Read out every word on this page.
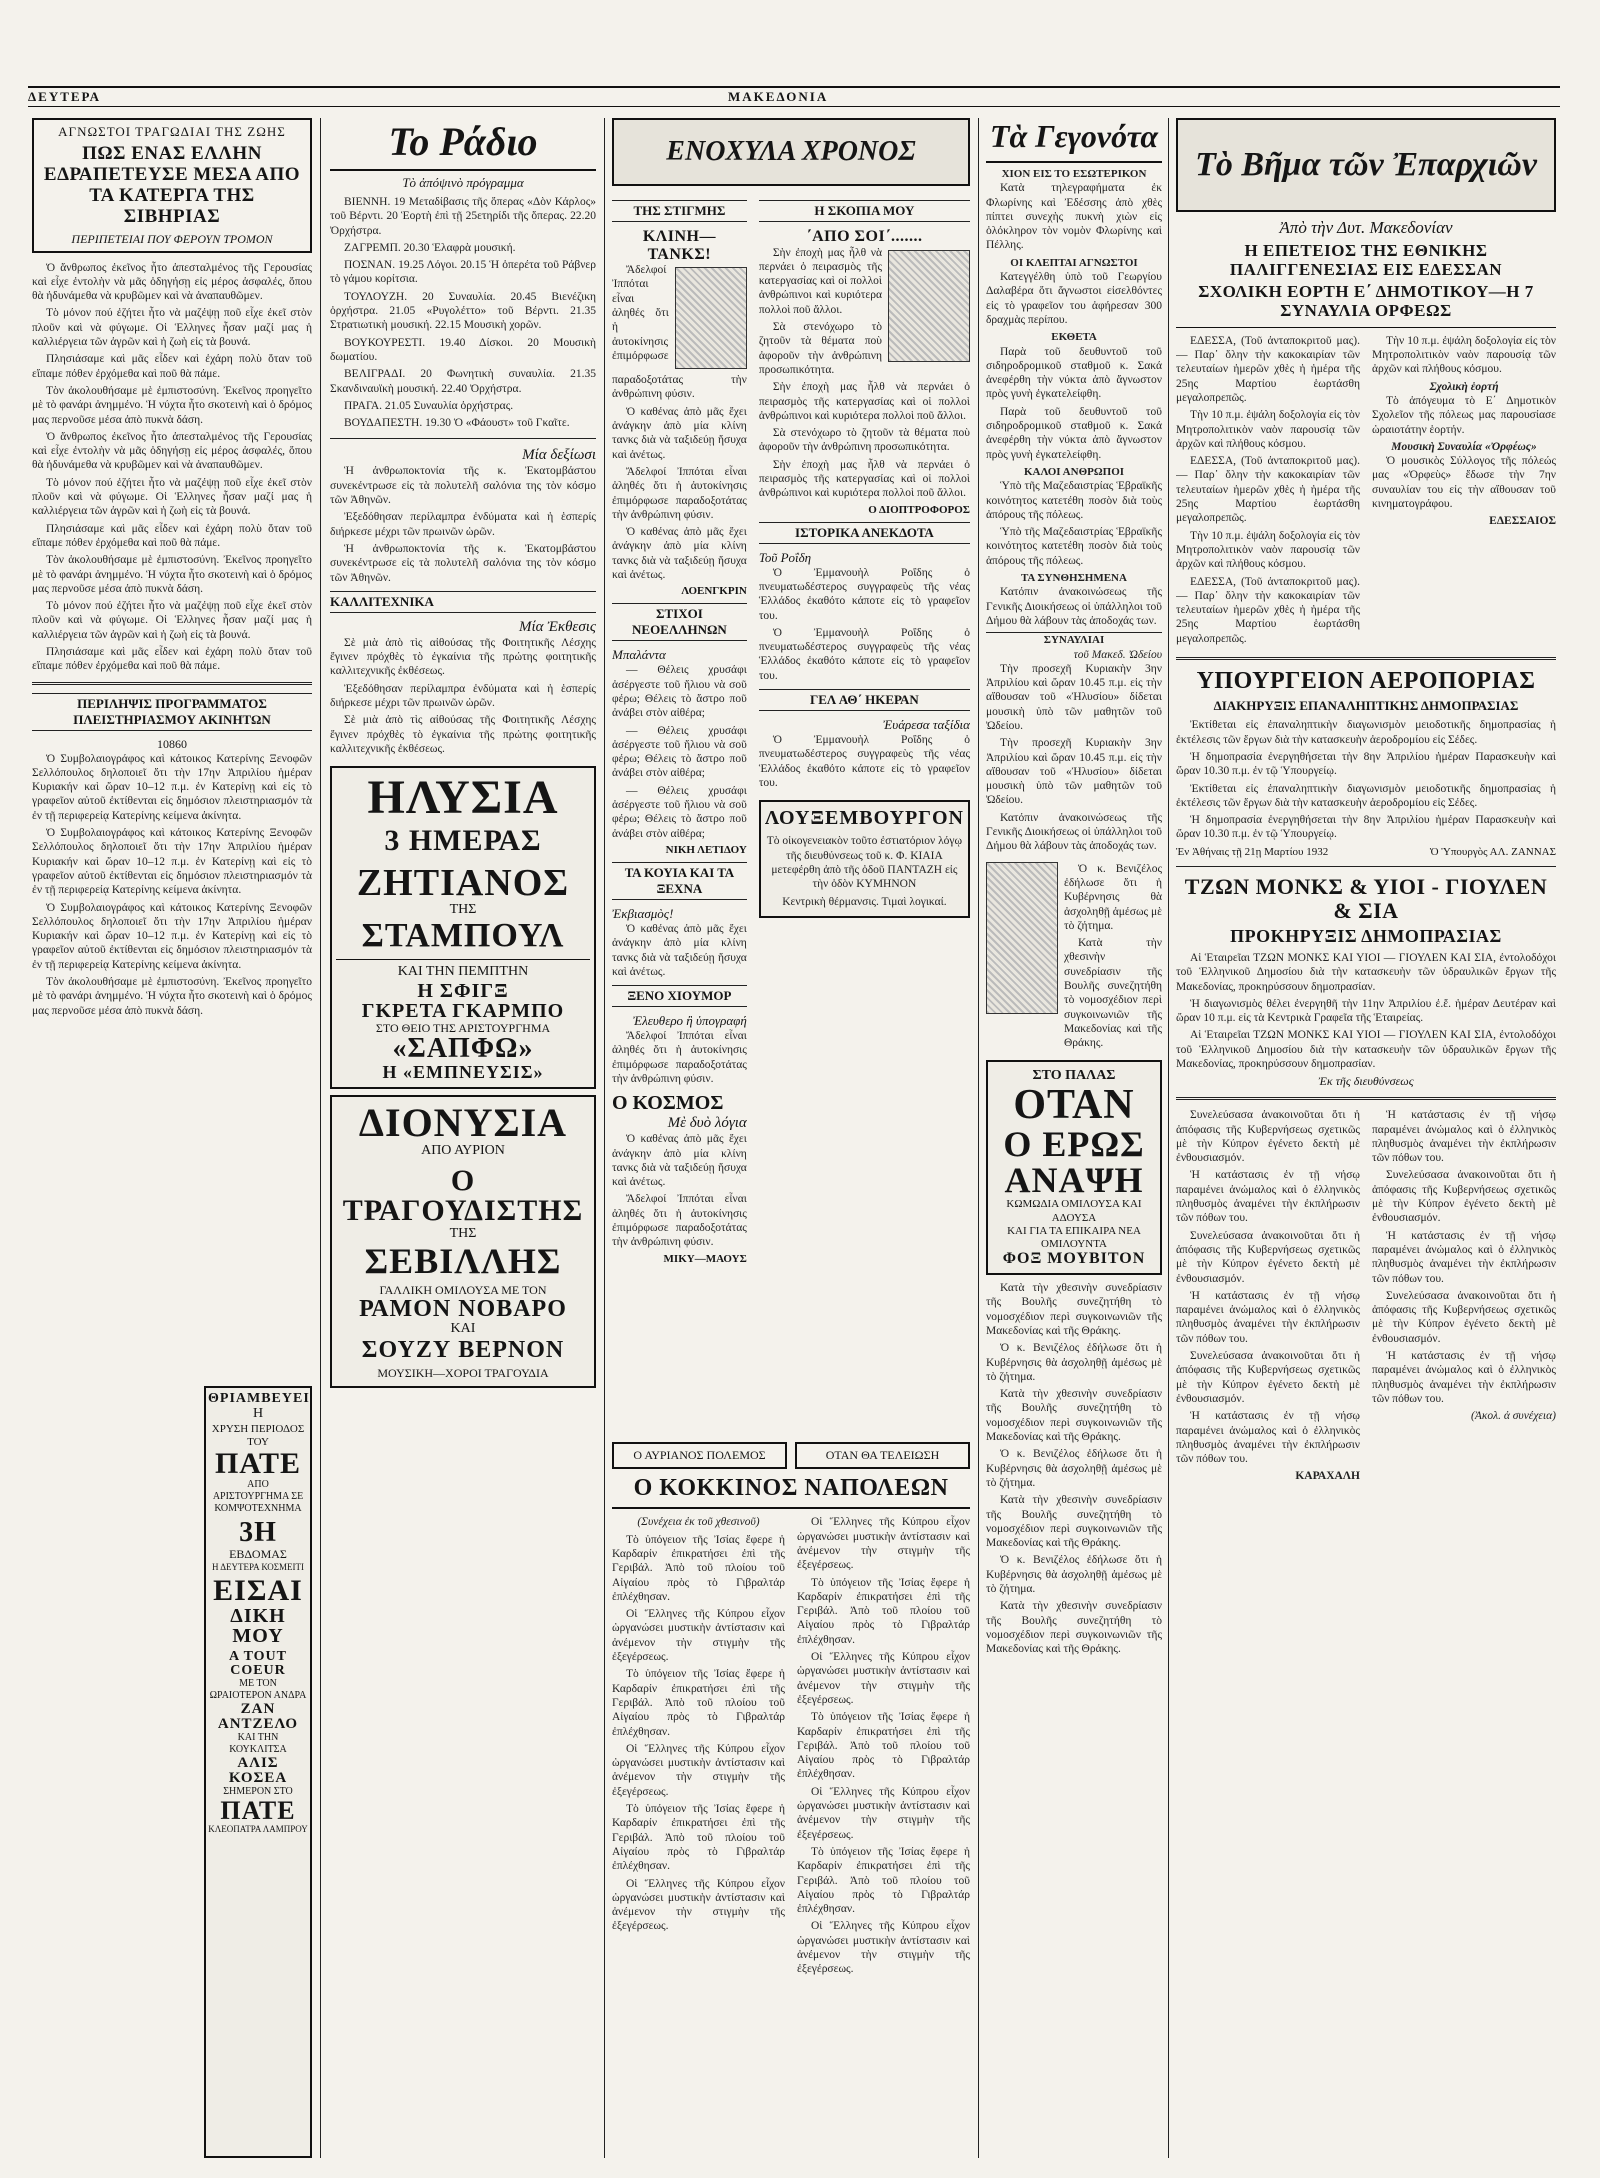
ΔΕΥΤΕΡΑ	ΜΑΚΕΔΟΝΙΑ
ΑΓΝΩΣΤΟΙ ΤΡΑΓΩΔΙΑΙ ΤΗΣ ΖΩΗΣ
ΠΩΣ ΕΝΑΣ ΕΛΛΗΝ ΕΔΡΑΠΕΤΕΥΣΕ ΜΕΣΑ ΑΠΟ ΤΑ ΚΑΤΕΡΓΑ ΤΗΣ ΣΙΒΗΡΙΑΣ
ΠΕΡΙΠΕΤΕΙΑΙ ΠΟΥ ΦΕΡΟΥΝ ΤΡΟΜΟΝ

Ὁ ἄνθρωπος ἐκεῖνος ἦτο ἀπεσταλμένος τῆς Γερουσίας καὶ εἶχε ἐντολὴν νὰ μᾶς ὁδηγήσῃ εἰς μέρος ἀσφαλές, ὅπου θὰ ἠδυνάμεθα νὰ κρυβῶμεν καὶ νὰ ἀναπαυθῶμεν.

Τὸ μόνον πού ἐζήτει ἦτο νὰ μαζέψῃ ποῦ εἶχε ἐκεῖ στὸν πλοῦν καὶ νὰ φύγωμε. Οἱ Ἑλληνες ἦσαν μαζί μας ἡ καλλιέργεια τῶν ἀγρῶν καὶ ἡ ζωὴ εἰς τὰ βουνά.

Πλησιάσαμε καὶ μᾶς εἶδεν καὶ ἐχάρη πολὺ ὅταν τοῦ εἴπαμε πόθεν ἐρχόμεθα καὶ ποῦ θὰ πάμε.

Τὸν ἀκολουθήσαμε μὲ ἐμπιστοσύνη. Ἐκεῖνος προηγεῖτο μὲ τὸ φανάρι ἀνημμένο. Ἡ νύχτα ἦτο σκοτεινὴ καὶ ὁ δρόμος μας περνοῦσε μέσα ἀπὸ πυκνὰ δάση.

Ὁ ἄνθρωπος ἐκεῖνος ἦτο ἀπεσταλμένος τῆς Γερουσίας καὶ εἶχε ἐντολὴν νὰ μᾶς ὁδηγήσῃ εἰς μέρος ἀσφαλές, ὅπου θὰ ἠδυνάμεθα νὰ κρυβῶμεν καὶ νὰ ἀναπαυθῶμεν.

Τὸ μόνον πού ἐζήτει ἦτο νὰ μαζέψῃ ποῦ εἶχε ἐκεῖ στὸν πλοῦν καὶ νὰ φύγωμε. Οἱ Ἑλληνες ἦσαν μαζί μας ἡ καλλιέργεια τῶν ἀγρῶν καὶ ἡ ζωὴ εἰς τὰ βουνά.

Πλησιάσαμε καὶ μᾶς εἶδεν καὶ ἐχάρη πολὺ ὅταν τοῦ εἴπαμε πόθεν ἐρχόμεθα καὶ ποῦ θὰ πάμε.

Τὸν ἀκολουθήσαμε μὲ ἐμπιστοσύνη. Ἐκεῖνος προηγεῖτο μὲ τὸ φανάρι ἀνημμένο. Ἡ νύχτα ἦτο σκοτεινὴ καὶ ὁ δρόμος μας περνοῦσε μέσα ἀπὸ πυκνὰ δάση.

Τὸ μόνον πού ἐζήτει ἦτο νὰ μαζέψῃ ποῦ εἶχε ἐκεῖ στὸν πλοῦν καὶ νὰ φύγωμε. Οἱ Ἑλληνες ἦσαν μαζί μας ἡ καλλιέργεια τῶν ἀγρῶν καὶ ἡ ζωὴ εἰς τὰ βουνά.

Πλησιάσαμε καὶ μᾶς εἶδεν καὶ ἐχάρη πολὺ ὅταν τοῦ εἴπαμε πόθεν ἐρχόμεθα καὶ ποῦ θὰ πάμε.

ΠΕΡΙΛΗΨΙΣ ΠΡΟΓΡΑΜΜΑΤΟΣ ΠΛΕΙΣΤΗΡΙΑΣΜΟΥ ΑΚΙΝΗΤΩΝ
10860

Ὁ Συμβολαιογράφος καὶ κάτοικος Κατερίνης Ξενοφῶν Σελλόπουλος δηλοποιεῖ ὅτι τὴν 17ην Ἀπριλίου ἡμέραν Κυριακήν καὶ ὥραν 10–12 π.μ. ἐν Κατερίνῃ καὶ εἰς τὸ γραφεῖον αὐτοῦ ἐκτίθενται εἰς δημόσιον πλειστηριασμόν τὰ ἐν τῇ περιφερείᾳ Κατερίνης κείμενα ἀκίνητα.

Ὁ Συμβολαιογράφος καὶ κάτοικος Κατερίνης Ξενοφῶν Σελλόπουλος δηλοποιεῖ ὅτι τὴν 17ην Ἀπριλίου ἡμέραν Κυριακήν καὶ ὥραν 10–12 π.μ. ἐν Κατερίνῃ καὶ εἰς τὸ γραφεῖον αὐτοῦ ἐκτίθενται εἰς δημόσιον πλειστηριασμόν τὰ ἐν τῇ περιφερείᾳ Κατερίνης κείμενα ἀκίνητα.

Ὁ Συμβολαιογράφος καὶ κάτοικος Κατερίνης Ξενοφῶν Σελλόπουλος δηλοποιεῖ ὅτι τὴν 17ην Ἀπριλίου ἡμέραν Κυριακήν καὶ ὥραν 10–12 π.μ. ἐν Κατερίνῃ καὶ εἰς τὸ γραφεῖον αὐτοῦ ἐκτίθενται εἰς δημόσιον πλειστηριασμόν τὰ ἐν τῇ περιφερείᾳ Κατερίνης κείμενα ἀκίνητα.

Τὸν ἀκολουθήσαμε μὲ ἐμπιστοσύνη. Ἐκεῖνος προηγεῖτο μὲ τὸ φανάρι ἀνημμένο. Ἡ νύχτα ἦτο σκοτεινὴ καὶ ὁ δρόμος μας περνοῦσε μέσα ἀπὸ πυκνὰ δάση.

Το Ράδιο
Τὸ ἀπόψινὸ πρόγραμμα

ΒΙΕΝΝΗ. 19 Μεταδίβασις τῆς ὄπερας «Δὸν Κάρλος» τοῦ Βέρντι. 20 Ἑορτὴ ἐπὶ τῇ 25ετηρίδι τῆς ὄπερας. 22.20 Ὀρχήστρα.

ΖΑΓΡΕΜΠ. 20.30 Ἑλαφρὰ μουσική.

ΠΟΣΝΑΝ. 19.25 Λόγοι. 20.15 Ἡ ὀπερέτα τοῦ Ράβνερ τὸ γάμου κορίτσια.

ΤΟΥΛΟΥΖΗ. 20 Συναυλία. 20.45 Βιενέζικη ὀρχήστρα. 21.05 «Ρυγολέττο» τοῦ Βέρντι. 21.35 Στρατιωτικὴ μουσική. 22.15 Μουσικὴ χορῶν.

ΒΟΥΚΟΥΡΕΣΤΙ. 19.40 Δίσκοι. 20 Μουσικὴ δωματίου.

ΒΕΛΙΓΡΑΔΙ. 20 Φωνητικὴ συναυλία. 21.35 Σκανδιναυϊκὴ μουσική. 22.40 Ὀρχήστρα.

ΠΡΑΓΑ. 21.05 Συναυλία ὀρχήστρας.

ΒΟΥΔΑΠΕΣΤΗ. 19.30 Ὁ «Φάουστ» τοῦ Γκαῖτε.

Μία δεξίωσι

Ἡ ἀνθρωποκτονία τῆς κ. Ἐκατομβάστου συνεκέντρωσε εἰς τὰ πολυτελῆ σαλόνια της τὸν κόσμο τῶν Ἀθηνῶν.

Ἐξεδόθησαν περίλαμπρα ἐνδύματα καὶ ἡ ἑσπερίς διήρκεσε μέχρι τῶν πρωινῶν ὡρῶν.

Ἡ ἀνθρωποκτονία τῆς κ. Ἐκατομβάστου συνεκέντρωσε εἰς τὰ πολυτελῆ σαλόνια της τὸν κόσμο τῶν Ἀθηνῶν.

ΚΑΛΛΙΤΕΧΝΙΚΑ
Μία Ἐκθεσις

Σὲ μιὰ ἀπὸ τὶς αἰθούσας τῆς Φοιτητικῆς Λέσχης ἔγινεν πρόχθὲς τὸ ἐγκαίνια τῆς πρώτης φοιτητικῆς καλλιτεχνικῆς ἐκθέσεως.

Ἐξεδόθησαν περίλαμπρα ἐνδύματα καὶ ἡ ἑσπερίς διήρκεσε μέχρι τῶν πρωινῶν ὡρῶν.

Σὲ μιὰ ἀπὸ τὶς αἰθούσας τῆς Φοιτητικῆς Λέσχης ἔγινεν πρόχθὲς τὸ ἐγκαίνια τῆς πρώτης φοιτητικῆς καλλιτεχνικῆς ἐκθέσεως.

ΗΛΥΣΙΑ
3 ΗΜΕΡΑΣ
ΖΗΤΙΑΝΟΣ
ΤΗΣ
ΣΤΑΜΠΟΥΛ
ΚΑΙ ΤΗΝ ΠΕΜΠΤΗΝ
Η ΣΦΙΓΞ
ΓΚΡΕΤΑ ΓΚΑΡΜΠΟ
ΣΤΟ ΘΕΙΟ ΤΗΣ ΑΡΙΣΤΟΥΡΓΗΜΑ
«ΣΑΠΦΩ»
Η «ΕΜΠΝΕΥΣΙΣ»
ΔΙΟΝΥΣΙΑ
ΑΠΟ ΑΥΡΙΟΝ
Ο ΤΡΑΓΟΥΔΙΣΤΗΣ
ΤΗΣ
ΣΕΒΙΛΛΗΣ
ΓΑΛΛΙΚΗ ΟΜΙΛΟΥΣΑ ΜΕ ΤΟΝ
ΡΑΜΟΝ ΝΟΒΑΡΟ
ΚΑΙ
ΣΟΥΖΥ ΒΕΡΝΟΝ
ΜΟΥΣΙΚΗ—ΧΟΡΟΙ ΤΡΑΓΟΥΔΙΑ
ΕΝΟΧΥΛΑ ΧΡΟΝΟΣ
ΤΗΣ ΣΤΙΓΜΗΣ
ΚΛΙΝΗ—ΤΑΝΚΣ!

Ἄδελφοί Ἰππόται εἶναι ἀληθές ὅτι ἡ ἀυτοκίνησις ἐπιμόρφωσε παραδοξοτάτας τὴν ἀνθρώπινη φύσιν.

Ὁ καθένας ἀπὸ μᾶς ἔχει ἀνάγκην ἀπὸ μία κλίνη τανκς διὰ νὰ ταξιδεύῃ ἥσυχα καὶ ἀνέτως.

Ἄδελφοί Ἰππόται εἶναι ἀληθές ὅτι ἡ ἀυτοκίνησις ἐπιμόρφωσε παραδοξοτάτας τὴν ἀνθρώπινη φύσιν.

Ὁ καθένας ἀπὸ μᾶς ἔχει ἀνάγκην ἀπὸ μία κλίνη τανκς διὰ νὰ ταξιδεύῃ ἥσυχα καὶ ἀνέτως.

ΛΟΕΝΓΚΡΙΝ
ΣΤΙΧΟΙ ΝΕΟΕΛΛΗΝΩΝ
Μπαλάντα

— Θέλεις χρυσάφι ἀσέργεστε τοῦ ἥλιου νὰ σοῦ φέρω; Θέλεις τὸ ἄστρο ποῦ ἀνάβει στὸν αἰθέρα;

— Θέλεις χρυσάφι ἀσέργεστε τοῦ ἥλιου νὰ σοῦ φέρω; Θέλεις τὸ ἄστρο ποῦ ἀνάβει στὸν αἰθέρα;

— Θέλεις χρυσάφι ἀσέργεστε τοῦ ἥλιου νὰ σοῦ φέρω; Θέλεις τὸ ἄστρο ποῦ ἀνάβει στὸν αἰθέρα;

ΝΙΚΗ ΛΕΤΙΔΟΥ
ΤΑ ΚΟΥΙΑ ΚΑΙ ΤΑ ΞΕΧΝΑ
Ἐκβιασμὸς!

Ὁ καθένας ἀπὸ μᾶς ἔχει ἀνάγκην ἀπὸ μία κλίνη τανκς διὰ νὰ ταξιδεύῃ ἥσυχα καὶ ἀνέτως.

ΞΕΝΟ ΧΙΟΥΜΟΡ
Ἐλευθερο ἢ ὑπογραφή

Ἄδελφοί Ἰππόται εἶναι ἀληθές ὅτι ἡ ἀυτοκίνησις ἐπιμόρφωσε παραδοξοτάτας τὴν ἀνθρώπινη φύσιν.

Ο ΚΟΣΜΟΣ
Μὲ δυὸ λόγια

Ὁ καθένας ἀπὸ μᾶς ἔχει ἀνάγκην ἀπὸ μία κλίνη τανκς διὰ νὰ ταξιδεύῃ ἥσυχα καὶ ἀνέτως.

Ἄδελφοί Ἰππόται εἶναι ἀληθές ὅτι ἡ ἀυτοκίνησις ἐπιμόρφωσε παραδοξοτάτας τὴν ἀνθρώπινη φύσιν.

ΜΙΚΥ—ΜΑΟΥΣ
Η ΣΚΟΠΙΑ ΜΟΥ
΄ΑΠΟ ΣΟΙ΄.......

Σὴν ἐποχὴ μας ἦλθ νὰ περνάει ὁ πειρασμὸς τῆς κατεργασίας καὶ οἱ πολλοὶ ἀνθρώπινοι καὶ κυριότερα πολλοὶ ποῦ ἄλλοι.

Σὰ στενόχωρο τὸ ζητοῦν τὰ θέματα ποὺ ἀφοροῦν τὴν ἀνθρώπινη προσωπικότητα.

Σὴν ἐποχὴ μας ἦλθ νὰ περνάει ὁ πειρασμὸς τῆς κατεργασίας καὶ οἱ πολλοὶ ἀνθρώπινοι καὶ κυριότερα πολλοὶ ποῦ ἄλλοι.

Σὰ στενόχωρο τὸ ζητοῦν τὰ θέματα ποὺ ἀφοροῦν τὴν ἀνθρώπινη προσωπικότητα.

Σὴν ἐποχὴ μας ἦλθ νὰ περνάει ὁ πειρασμὸς τῆς κατεργασίας καὶ οἱ πολλοὶ ἀνθρώπινοι καὶ κυριότερα πολλοὶ ποῦ ἄλλοι.

Ο ΔΙΟΠΤΡΟΦΟΡΟΣ
ΙΣΤΟΡΙΚΑ ΑΝΕΚΔΟΤΑ
Τοῦ Ροΐδη

Ὁ Ἐμμανουὴλ Ροΐδης ὁ πνευματωδέστερος συγγραφεὺς τῆς νέας Ἑλλάδος ἐκαθότο κάποτε εἰς τὸ γραφεῖον του.

Ὁ Ἐμμανουὴλ Ροΐδης ὁ πνευματωδέστερος συγγραφεὺς τῆς νέας Ἑλλάδος ἐκαθότο κάποτε εἰς τὸ γραφεῖον του.

ΓΕΛ ΑΘ΄ ΗΚΕΡΑΝ
Ἐυάρεσα ταξίδια

Ὁ Ἐμμανουὴλ Ροΐδης ὁ πνευματωδέστερος συγγραφεὺς τῆς νέας Ἑλλάδος ἐκαθότο κάποτε εἰς τὸ γραφεῖον του.

ΛΟΥΞΕΜΒΟΥΡΓΟΝ
Τὸ οἰκογενειακὸν τοῦτο ἐστιατόριον λόγῳ τῆς διευθύνσεως τοῦ κ. Φ. ΚΙΑΙΑ μετεφέρθη ἀπὸ τῆς ὁδοῦ ΠΑΝΤΑΖΗ εἰς τὴν ὁδὸν ΚΥΜΗΝΟΝ
Κεντρικὴ θέρμανσις. Τιμαὶ λογικαί.
Ο ΑΥΡΙΑΝΟΣ ΠΟΛΕΜΟΣ	ΟΤΑΝ ΘΑ ΤΕΛΕΙΩΣΗ
Ο ΚΟΚΚΙΝΟΣ ΝΑΠΟΛΕΩΝ

(Συνέχεια ἐκ τοῦ χθεσινοῦ)

Τὸ ὑπόγειον τῆς Ἰσίας ἔφερε ἡ Καρδαρίν ἐπικρατήσει ἐπὶ τῆς Γεριβάλ. Ἀπὸ τοῦ πλοίου τοῦ Αἰγαίου πρὸς τὸ Γιβραλτάρ ἐπλέχθησαν.

Οἱ Ἕλληνες τῆς Κύπρου εἶχον ὡργανώσει μυστικὴν ἀντίστασιν καὶ ἀνέμενον τὴν στιγμὴν τῆς ἐξεγέρσεως.

Τὸ ὑπόγειον τῆς Ἰσίας ἔφερε ἡ Καρδαρίν ἐπικρατήσει ἐπὶ τῆς Γεριβάλ. Ἀπὸ τοῦ πλοίου τοῦ Αἰγαίου πρὸς τὸ Γιβραλτάρ ἐπλέχθησαν.

Οἱ Ἕλληνες τῆς Κύπρου εἶχον ὡργανώσει μυστικὴν ἀντίστασιν καὶ ἀνέμενον τὴν στιγμὴν τῆς ἐξεγέρσεως.

Τὸ ὑπόγειον τῆς Ἰσίας ἔφερε ἡ Καρδαρίν ἐπικρατήσει ἐπὶ τῆς Γεριβάλ. Ἀπὸ τοῦ πλοίου τοῦ Αἰγαίου πρὸς τὸ Γιβραλτάρ ἐπλέχθησαν.

Οἱ Ἕλληνες τῆς Κύπρου εἶχον ὡργανώσει μυστικὴν ἀντίστασιν καὶ ἀνέμενον τὴν στιγμὴν τῆς ἐξεγέρσεως.

Οἱ Ἕλληνες τῆς Κύπρου εἶχον ὡργανώσει μυστικὴν ἀντίστασιν καὶ ἀνέμενον τὴν στιγμὴν τῆς ἐξεγέρσεως.

Τὸ ὑπόγειον τῆς Ἰσίας ἔφερε ἡ Καρδαρίν ἐπικρατήσει ἐπὶ τῆς Γεριβάλ. Ἀπὸ τοῦ πλοίου τοῦ Αἰγαίου πρὸς τὸ Γιβραλτάρ ἐπλέχθησαν.

Οἱ Ἕλληνες τῆς Κύπρου εἶχον ὡργανώσει μυστικὴν ἀντίστασιν καὶ ἀνέμενον τὴν στιγμὴν τῆς ἐξεγέρσεως.

Τὸ ὑπόγειον τῆς Ἰσίας ἔφερε ἡ Καρδαρίν ἐπικρατήσει ἐπὶ τῆς Γεριβάλ. Ἀπὸ τοῦ πλοίου τοῦ Αἰγαίου πρὸς τὸ Γιβραλτάρ ἐπλέχθησαν.

Οἱ Ἕλληνες τῆς Κύπρου εἶχον ὡργανώσει μυστικὴν ἀντίστασιν καὶ ἀνέμενον τὴν στιγμὴν τῆς ἐξεγέρσεως.

Τὸ ὑπόγειον τῆς Ἰσίας ἔφερε ἡ Καρδαρίν ἐπικρατήσει ἐπὶ τῆς Γεριβάλ. Ἀπὸ τοῦ πλοίου τοῦ Αἰγαίου πρὸς τὸ Γιβραλτάρ ἐπλέχθησαν.

Οἱ Ἕλληνες τῆς Κύπρου εἶχον ὡργανώσει μυστικὴν ἀντίστασιν καὶ ἀνέμενον τὴν στιγμὴν τῆς ἐξεγέρσεως.

Τὰ Γεγονότα
ΧΙΟΝ ΕΙΣ ΤΟ ΕΣΩΤΕΡΙΚΟΝ

Κατὰ τηλεγραφήματα ἐκ Φλωρίνης καὶ Ἐδέσσης ἀπὸ χθὲς πίπτει συνεχὴς πυκνὴ χιὼν εἰς ὁλόκληρον τὸν νομὸν Φλωρίνης καὶ Πέλλης.

ΟΙ ΚΛΕΠΤΑΙ ΑΓΝΩΣΤΟΙ

Κατεγγέλθη ὑπὸ τοῦ Γεωργίου Δαλαβέρα ὅτι ἄγνωστοι εἰσελθόντες εἰς τὸ γραφεῖον του ἀφήρεσαν 300 δραχμὰς περίπου.

ΕΚΘΕΤΑ

Παρὰ τοῦ δευθυντοῦ τοῦ σιδηροδρομικοῦ σταθμοῦ κ. Σακά ἀνεφέρθη τὴν νύκτα ἀπὸ ἄγνωστον πρὸς γυνὴ ἐγκατελείφθη.

Παρὰ τοῦ δευθυντοῦ τοῦ σιδηροδρομικοῦ σταθμοῦ κ. Σακά ἀνεφέρθη τὴν νύκτα ἀπὸ ἄγνωστον πρὸς γυνὴ ἐγκατελείφθη.

ΚΑΛΟΙ ΑΝΘΡΩΠΟΙ

Ὑπὸ τῆς Μαζεδαιστρίας Ἑβραϊκῆς κοινότητος κατετέθη ποσὸν διὰ τοὺς ἀπόρους τῆς πόλεως.

Ὑπὸ τῆς Μαζεδαιστρίας Ἑβραϊκῆς κοινότητος κατετέθη ποσὸν διὰ τοὺς ἀπόρους τῆς πόλεως.

ΤΑ ΣΥΝΘΗΣΗΜΕΝΑ

Κατόπιν ἀνακοινώσεως τῆς Γενικῆς Διοικήσεως οἱ ὑπάλληλοι τοῦ Δήμου θὰ λάβουν τὰς ἀποδοχάς των.

ΣΥΝΑΥΛΙΑΙ
τοῦ Μακεδ. Ὠδείου

Τὴν προσεχῆ Κυριακὴν 3ην Ἀπριλίου καὶ ὥραν 10.45 π.μ. εἰς τὴν αἴθουσαν τοῦ «Ἠλυσίου» δίδεται μουσικὴ ὑπὸ τῶν μαθητῶν τοῦ Ὠδείου.

Τὴν προσεχῆ Κυριακὴν 3ην Ἀπριλίου καὶ ὥραν 10.45 π.μ. εἰς τὴν αἴθουσαν τοῦ «Ἠλυσίου» δίδεται μουσικὴ ὑπὸ τῶν μαθητῶν τοῦ Ὠδείου.

Κατόπιν ἀνακοινώσεως τῆς Γενικῆς Διοικήσεως οἱ ὑπάλληλοι τοῦ Δήμου θὰ λάβουν τὰς ἀποδοχάς των.

Ὁ κ. Βενιζέλος ἐδήλωσε ὅτι ἡ Κυβέρνησις θὰ ἀσχοληθῇ ἀμέσως μὲ τὸ ζήτημα.

Κατὰ τὴν χθεσινὴν συνεδρίασιν τῆς Βουλῆς συνεζητήθη τὸ νομοσχέδιον περὶ συγκοινωνιῶν τῆς Μακεδονίας καὶ τῆς Θράκης.

ΣΤΟ ΠΑΛΑΣ
ΟΤΑΝ
Ο ΕΡΩΣ
ΑΝΑΨΗ
ΚΩΜΩΔΙΑ ΟΜΙΛΟΥΣΑ ΚΑΙ ΑΔΟΥΣΑ
ΚΑΙ ΓΙΑ ΤΑ ΕΠΙΚΑΙΡΑ ΝΕΑ ΟΜΙΛΟΥΝΤΑ
ΦΟΞ ΜΟΥΒΙΤΟΝ

Κατὰ τὴν χθεσινὴν συνεδρίασιν τῆς Βουλῆς συνεζητήθη τὸ νομοσχέδιον περὶ συγκοινωνιῶν τῆς Μακεδονίας καὶ τῆς Θράκης.

Ὁ κ. Βενιζέλος ἐδήλωσε ὅτι ἡ Κυβέρνησις θὰ ἀσχοληθῇ ἀμέσως μὲ τὸ ζήτημα.

Κατὰ τὴν χθεσινὴν συνεδρίασιν τῆς Βουλῆς συνεζητήθη τὸ νομοσχέδιον περὶ συγκοινωνιῶν τῆς Μακεδονίας καὶ τῆς Θράκης.

Ὁ κ. Βενιζέλος ἐδήλωσε ὅτι ἡ Κυβέρνησις θὰ ἀσχοληθῇ ἀμέσως μὲ τὸ ζήτημα.

Κατὰ τὴν χθεσινὴν συνεδρίασιν τῆς Βουλῆς συνεζητήθη τὸ νομοσχέδιον περὶ συγκοινωνιῶν τῆς Μακεδονίας καὶ τῆς Θράκης.

Ὁ κ. Βενιζέλος ἐδήλωσε ὅτι ἡ Κυβέρνησις θὰ ἀσχοληθῇ ἀμέσως μὲ τὸ ζήτημα.

Κατὰ τὴν χθεσινὴν συνεδρίασιν τῆς Βουλῆς συνεζητήθη τὸ νομοσχέδιον περὶ συγκοινωνιῶν τῆς Μακεδονίας καὶ τῆς Θράκης.

Τὸ Βῆμα τῶν Ἐπαρχιῶν
Ἀπὸ τὴν Δυτ. Μακεδονίαν
Η ΕΠΕΤΕΙΟΣ ΤΗΣ ΕΘΝΙΚΗΣ ΠΑΛΙΓΓΕΝΕΣΙΑΣ ΕΙΣ ΕΔΕΣΣΑΝ
ΣΧΟΛΙΚΗ ΕΟΡΤΗ Ε΄ ΔΗΜΟΤΙΚΟΥ—Η 7 ΣΥΝΑΥΛΙΑ ΟΡΦΕΩΣ

ΕΔΕΣΣΑ, (Τοῦ ἀνταποκριτοῦ μας).— Παρ᾽ ὅλην τὴν κακοκαιρίαν τῶν τελευταίων ἡμερῶν χθὲς ἡ ἡμέρα τῆς 25ης Μαρτίου ἑωρτάσθη μεγαλοπρεπῶς.

Τὴν 10 π.μ. ἐψάλη δοξολογία εἰς τὸν Μητροπολιτικὸν ναὸν παρουσίᾳ τῶν ἀρχῶν καὶ πλήθους κόσμου.

ΕΔΕΣΣΑ, (Τοῦ ἀνταποκριτοῦ μας).— Παρ᾽ ὅλην τὴν κακοκαιρίαν τῶν τελευταίων ἡμερῶν χθὲς ἡ ἡμέρα τῆς 25ης Μαρτίου ἑωρτάσθη μεγαλοπρεπῶς.

Τὴν 10 π.μ. ἐψάλη δοξολογία εἰς τὸν Μητροπολιτικὸν ναὸν παρουσίᾳ τῶν ἀρχῶν καὶ πλήθους κόσμου.

ΕΔΕΣΣΑ, (Τοῦ ἀνταποκριτοῦ μας).— Παρ᾽ ὅλην τὴν κακοκαιρίαν τῶν τελευταίων ἡμερῶν χθὲς ἡ ἡμέρα τῆς 25ης Μαρτίου ἑωρτάσθη μεγαλοπρεπῶς.

Τὴν 10 π.μ. ἐψάλη δοξολογία εἰς τὸν Μητροπολιτικὸν ναὸν παρουσίᾳ τῶν ἀρχῶν καὶ πλήθους κόσμου.

Σχολικὴ ἑορτή

Τὸ ἀπόγευμα τὸ Ε΄ Δημοτικὸν Σχολεῖον τῆς πόλεως μας παρουσίασε ὡραιοτάτην ἑορτήν.

Μουσικὴ Συναυλία «Ὀρφέως»

Ὁ μουσικὸς Σύλλογος τῆς πόλεώς μας «Ὀρφεὺς» ἔδωσε τὴν 7ην συναυλίαν του εἰς τὴν αἴθουσαν τοῦ κινηματογράφου.

ΕΔΕΣΣΑΙΟΣ
ΥΠΟΥΡΓΕΙΟΝ ΑΕΡΟΠΟΡΙΑΣ
ΔΙΑΚΗΡΥΞΙΣ ΕΠΑΝΑΛΗΠΤΙΚΗΣ ΔΗΜΟΠΡΑΣΙΑΣ

Ἐκτίθεται εἰς ἐπαναληπτικὴν διαγωνισμὸν μειοδοτικῆς δημοπρασίας ἡ ἐκτέλεσις τῶν ἔργων διὰ τὴν κατασκευὴν ἀεροδρομίου εἰς Σέδες.

Ἡ δημοπρασία ἐνεργηθήσεται τὴν 8ην Ἀπριλίου ἡμέραν Παρασκευὴν καὶ ὥραν 10.30 π.μ. ἐν τῷ Ὑπουργείῳ.

Ἐκτίθεται εἰς ἐπαναληπτικὴν διαγωνισμὸν μειοδοτικῆς δημοπρασίας ἡ ἐκτέλεσις τῶν ἔργων διὰ τὴν κατασκευὴν ἀεροδρομίου εἰς Σέδες.

Ἡ δημοπρασία ἐνεργηθήσεται τὴν 8ην Ἀπριλίου ἡμέραν Παρασκευὴν καὶ ὥραν 10.30 π.μ. ἐν τῷ Ὑπουργείῳ.

Ἐν Ἀθήναις τῇ 21ῃ Μαρτίου 1932	Ὁ Ὑπουργὸς ΑΛ. ΖΑΝΝΑΣ
ΤΖΩΝ ΜΟΝΚΣ & ΥΙΟΙ - ΓΙΟΥΛΕΝ & ΣΙΑ
ΠΡΟΚΗΡΥΞΙΣ ΔΗΜΟΠΡΑΣΙΑΣ

Αἱ Ἑταιρεῖαι ΤΖΩΝ ΜΟΝΚΣ ΚΑΙ ΥΙΟΙ — ΓΙΟΥΛΕΝ ΚΑΙ ΣΙΑ, ἐντολοδόχοι τοῦ Ἑλληνικοῦ Δημοσίου διὰ τὴν κατασκευὴν τῶν ὑδραυλικῶν ἔργων τῆς Μακεδονίας, προκηρύσσουν δημοπρασίαν.

Ἡ διαγωνισμὸς θέλει ἐνεργηθῆ τὴν 11ην Ἀπριλίου ἐ.ἔ. ἡμέραν Δευτέραν καὶ ὥραν 10 π.μ. εἰς τὰ Κεντρικὰ Γραφεῖα τῆς Ἑταιρείας.

Αἱ Ἑταιρεῖαι ΤΖΩΝ ΜΟΝΚΣ ΚΑΙ ΥΙΟΙ — ΓΙΟΥΛΕΝ ΚΑΙ ΣΙΑ, ἐντολοδόχοι τοῦ Ἑλληνικοῦ Δημοσίου διὰ τὴν κατασκευὴν τῶν ὑδραυλικῶν ἔργων τῆς Μακεδονίας, προκηρύσσουν δημοπρασίαν.

Ἐκ τῆς διευθύνσεως

Συνελεύσασα ἀνακοινοῦται ὅτι ἡ ἀπόφασις τῆς Κυβερνήσεως σχετικῶς μὲ τὴν Κύπρον ἐγένετο δεκτὴ μὲ ἐνθουσιασμόν.

Ἡ κατάστασις ἐν τῇ νήσῳ παραμένει ἀνώμαλος καὶ ὁ ἐλληνικὸς πληθυσμὸς ἀναμένει τὴν ἐκπλήρωσιν τῶν πόθων του.

Συνελεύσασα ἀνακοινοῦται ὅτι ἡ ἀπόφασις τῆς Κυβερνήσεως σχετικῶς μὲ τὴν Κύπρον ἐγένετο δεκτὴ μὲ ἐνθουσιασμόν.

Ἡ κατάστασις ἐν τῇ νήσῳ παραμένει ἀνώμαλος καὶ ὁ ἐλληνικὸς πληθυσμὸς ἀναμένει τὴν ἐκπλήρωσιν τῶν πόθων του.

Συνελεύσασα ἀνακοινοῦται ὅτι ἡ ἀπόφασις τῆς Κυβερνήσεως σχετικῶς μὲ τὴν Κύπρον ἐγένετο δεκτὴ μὲ ἐνθουσιασμόν.

Ἡ κατάστασις ἐν τῇ νήσῳ παραμένει ἀνώμαλος καὶ ὁ ἐλληνικὸς πληθυσμὸς ἀναμένει τὴν ἐκπλήρωσιν τῶν πόθων του.

ΚΑΡΑΧΑΛΗ

Ἡ κατάστασις ἐν τῇ νήσῳ παραμένει ἀνώμαλος καὶ ὁ ἐλληνικὸς πληθυσμὸς ἀναμένει τὴν ἐκπλήρωσιν τῶν πόθων του.

Συνελεύσασα ἀνακοινοῦται ὅτι ἡ ἀπόφασις τῆς Κυβερνήσεως σχετικῶς μὲ τὴν Κύπρον ἐγένετο δεκτὴ μὲ ἐνθουσιασμόν.

Ἡ κατάστασις ἐν τῇ νήσῳ παραμένει ἀνώμαλος καὶ ὁ ἐλληνικὸς πληθυσμὸς ἀναμένει τὴν ἐκπλήρωσιν τῶν πόθων του.

Συνελεύσασα ἀνακοινοῦται ὅτι ἡ ἀπόφασις τῆς Κυβερνήσεως σχετικῶς μὲ τὴν Κύπρον ἐγένετο δεκτὴ μὲ ἐνθουσιασμόν.

Ἡ κατάστασις ἐν τῇ νήσῳ παραμένει ἀνώμαλος καὶ ὁ ἐλληνικὸς πληθυσμὸς ἀναμένει τὴν ἐκπλήρωσιν τῶν πόθων του.

(Ἀκολ. ἀ συνέχεια)
ΘΡΙΑΜΒΕΥΕΙ
Η
ΧΡΥΣΗ ΠΕΡΙΟΔΟΣ ΤΟΥ
ΠΑΤΕ
ΑΠΟ ΑΡΙΣΤΟΥΡΓΗΜΑ ΣΕ ΚΟΜΨΟΤΕΧΝΗΜΑ
3Η
ΕΒΔΟΜΑΣ
Η ΔΕΥΤΕΡΑ ΚΟΣΜΕΙΤΙ
ΕΙΣΑΙ
ΔΙΚΗ ΜΟΥ
Α ΤΟUΤ COEUR
ΜΕ ΤΟΝ
ΩΡΑΙΟΤΕΡΟΝ ΑΝΔΡΑ
ΖΑΝ ΑΝΤΖΕΛΟ
ΚΑΙ ΤΗΝ ΚΟΥΚΛΙΤΣΑ
ΑΛΙΣ ΚΟΣΕΑ
ΣΗΜΕΡΟΝ ΣΤΟ
ΠΑΤΕ
ΚΛΕΟΠΑΤΡΑ ΛΑΜΠΡΟΥ
